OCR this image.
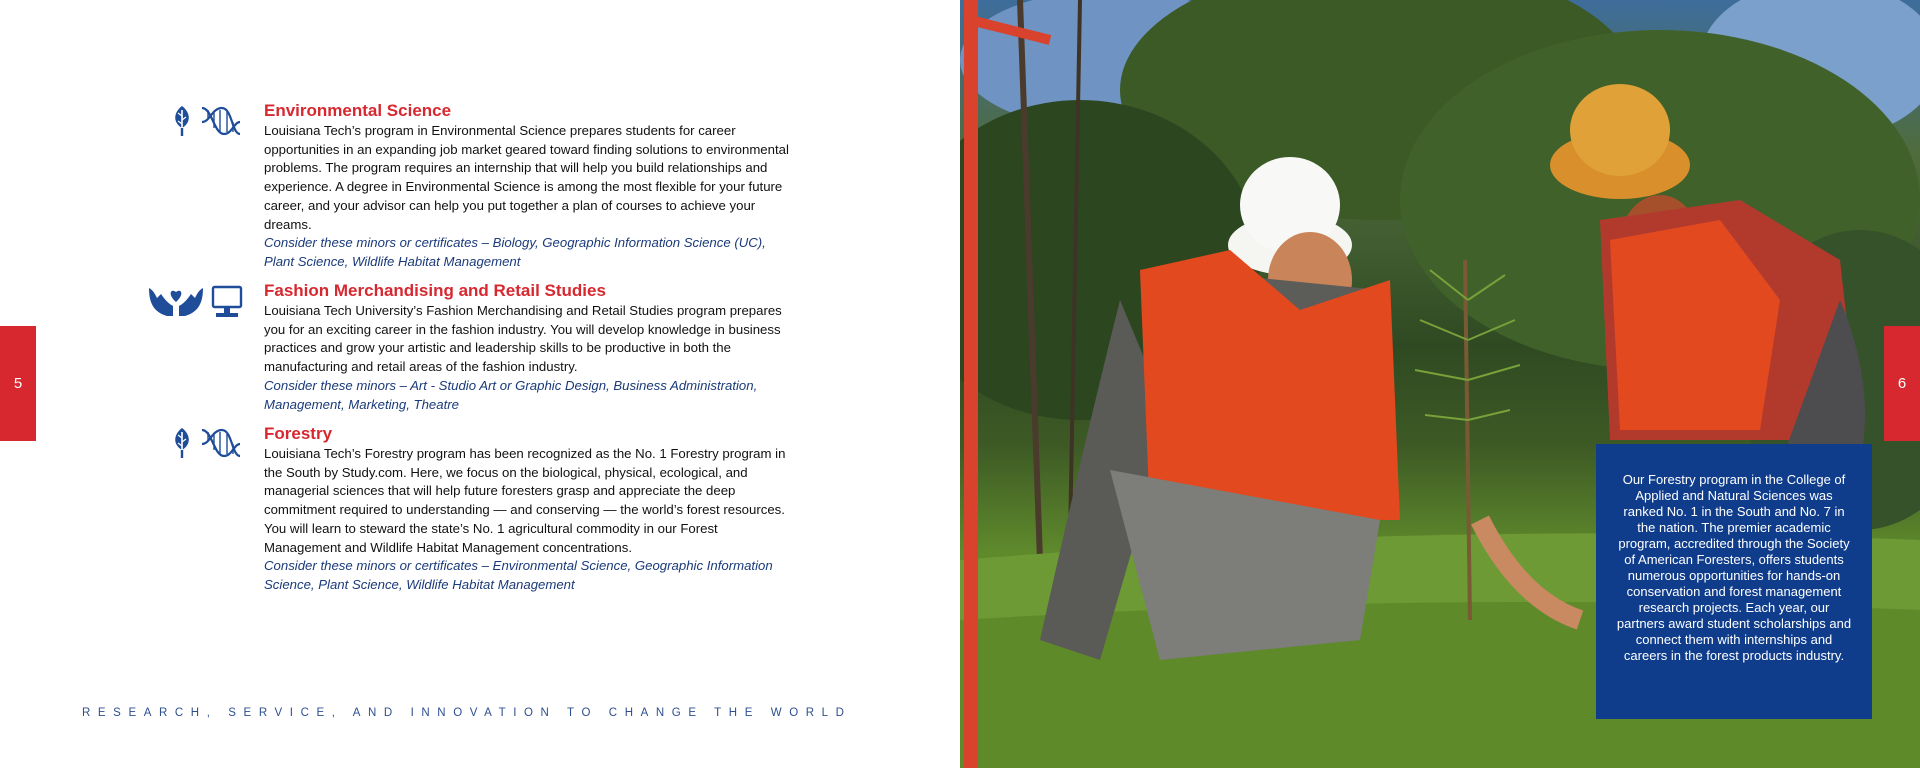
5
Environmental Science

Louisiana Tech’s program in Environmental Science prepares students for career opportunities in an expanding job market geared toward finding solutions to environmental problems. The program requires an internship that will help you build relationships and experience. A degree in Environmental Science is among the most flexible for your future career, and your advisor can help you put together a plan of courses to achieve your dreams.

Consider these minors or certificates – Biology, Geographic Information Science (UC), Plant Science, Wildlife Habitat Management

Fashion Merchandising and Retail Studies

Louisiana Tech University’s Fashion Merchandising and Retail Studies program prepares you for an exciting career in the fashion industry. You will develop knowledge in business practices and grow your artistic and leadership skills to be productive in both the manufacturing and retail areas of the fashion industry.

Consider these minors – Art - Studio Art or Graphic Design, Business Administration, Management, Marketing, Theatre

Forestry

Louisiana Tech’s Forestry program has been recognized as the No. 1 Forestry program in the South by Study.com. Here, we focus on the biological, physical, ecological, and managerial sciences that will help future foresters grasp and appreciate the deep commitment required to understanding — and conserving — the world’s forest resources. You will learn to steward the state’s No. 1 agricultural commodity in our Forest Management and Wildlife Habitat Management concentrations.

Consider these minors or certificates – Environmental Science, Geographic Information Science, Plant Science, Wildlife Habitat Management

RESEARCH, SERVICE, AND INNOVATION TO CHANGE THE WORLD
Our Forestry program in the College of Applied and Natural Sciences was ranked No. 1 in the South and No. 7 in the nation. The premier academic program, accredited through the Society of American Foresters, offers students numerous opportunities for hands-on conservation and forest management research projects. Each year, our partners award student scholarships and connect them with internships and careers in the forest products industry.
6
